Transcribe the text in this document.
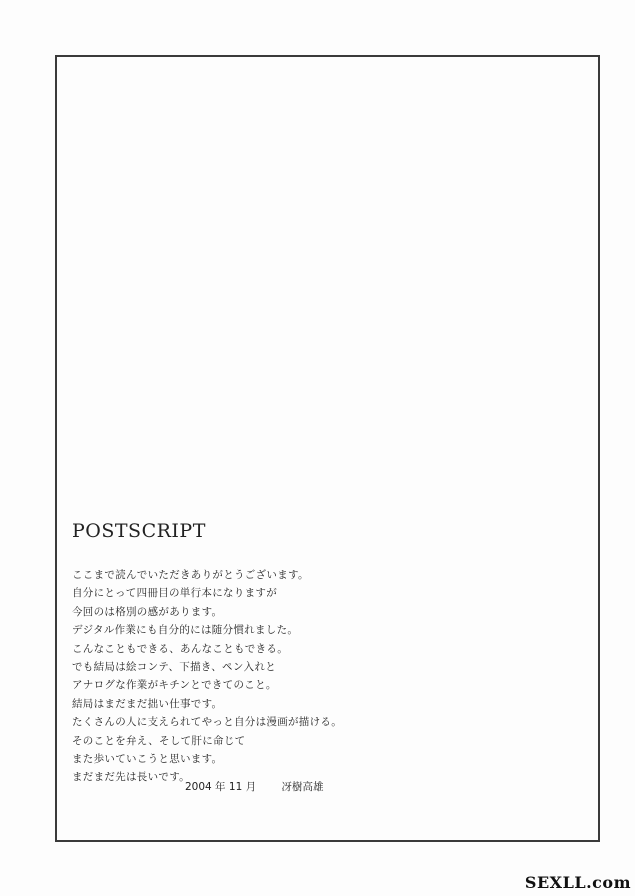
POSTSCRIPT
ここまで読んでいただきありがとうございます。
自分にとって四冊目の単行本になりますが
今回のは格別の感があります。
デジタル作業にも自分的には随分慣れました。
こんなこともできる、あんなこともできる。
でも結局は絵コンテ、下描き、ペン入れと
アナログな作業がキチンとできてのこと。
結局はまだまだ拙い仕事です。
たくさんの人に支えられてやっと自分は漫画が描ける。
そのことを弁え、そして肝に命じて
また歩いていこうと思います。
まだまだ先は長いです。
2004 年 11 月 冴樹高雄
SEXLL.com
